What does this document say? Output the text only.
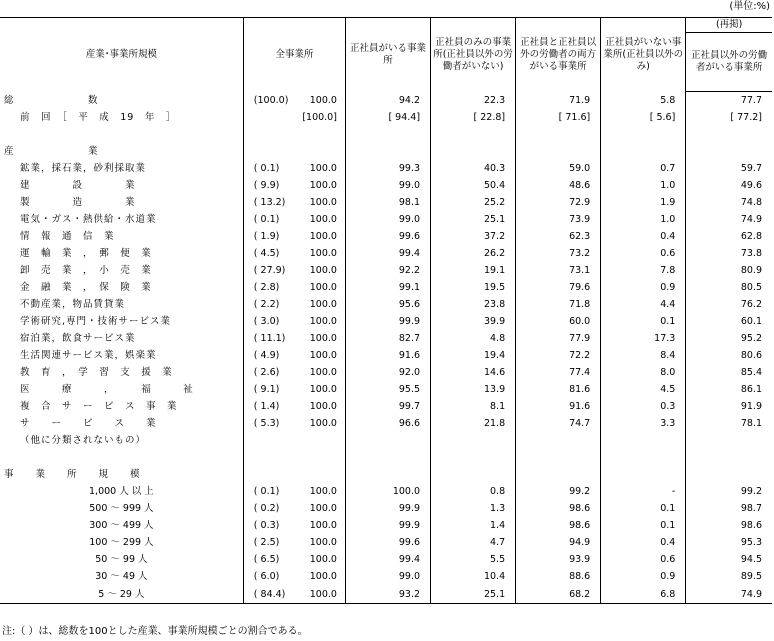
(単位:%)
産業･事業所規模	全事業所		正社員がいる事業所	正社員のみの事業所(正社員以外の労働者がいない)	正社員と正社員以外の労働者の両方がいる事業所	正社員がいない事業所(正社員以外のみ)	(再掲)
							正社員以外の労働者がいる事業所

総　　　　　　　数	(100.0)	100.0	94.2	22.3	71.9	5.8	77.7

前　回　［　平　成　19　年　］		[100.0]	[ 94.4]	[ 22.8]	[ 71.6]	[ 5.6]	[ 77.2]

産　　　　　　　業							

鉱業，採石業，砂利採取業	( 0.1)	100.0	99.3	40.3	59.0	0.7	59.7

建　　　　設　　　　業	( 9.9)	100.0	99.0	50.4	48.6	1.0	49.6

製　　　　造　　　　業	( 13.2)	100.0	98.1	25.2	72.9	1.9	74.8

電気・ガス・熱供給・水道業	( 0.1)	100.0	99.0	25.1	73.9	1.0	74.9

情　報　通　信　業	( 1.9)	100.0	99.6	37.2	62.3	0.4	62.8

運　輸　業　，　郵　便　業	( 4.5)	100.0	99.4	26.2	73.2	0.6	73.8

卸　売　業　，　小　売　業	( 27.9)	100.0	92.2	19.1	73.1	7.8	80.9

金　融　業　，　保　険　業	( 2.8)	100.0	99.1	19.5	79.6	0.9	80.5

不動産業，物品賃貸業	( 2.2)	100.0	95.6	23.8	71.8	4.4	76.2

学術研究,専門・技術サービス業	( 3.0)	100.0	99.9	39.9	60.0	0.1	60.1

宿泊業，飲食サービス業	( 11.1)	100.0	82.7	4.8	77.9	17.3	95.2

生活関連サービス業，娯楽業	( 4.9)	100.0	91.6	19.4	72.2	8.4	80.6

教　育　，　学　習　支　援　業	( 2.6)	100.0	92.0	14.6	77.4	8.0	85.4

医　　　療　　　，　　　福　　　祉	( 9.1)	100.0	95.5	13.9	81.6	4.5	86.1

複　合　サ　ー　ビ　ス　事　業	( 1.4)	100.0	99.7	8.1	91.6	0.3	91.9

サ　　ー　　ビ　　ス　　業	( 5.3)	100.0	96.6	21.8	74.7	3.3	78.1

（他に分類されないもの）							

事　　業　　所　　規　　模							

1,000 人 以 上	( 0.1)	100.0	100.0	0.8	99.2	-	99.2

500 ～ 999 人	( 0.2)	100.0	99.9	1.3	98.6	0.1	98.7

300 ～ 499 人	( 0.3)	100.0	99.9	1.4	98.6	0.1	98.6

100 ～ 299 人	( 2.5)	100.0	99.6	4.7	94.9	0.4	95.3

50 ～ 99 人	( 6.5)	100.0	99.4	5.5	93.9	0.6	94.5

30 ～ 49 人	( 6.0)	100.0	99.0	10.4	88.6	0.9	89.5

5 ～ 29 人	( 84.4)	100.0	93.2	25.1	68.2	6.8	74.9
注:（ ）は、総数を100とした産業、事業所規模ごとの割合である。
